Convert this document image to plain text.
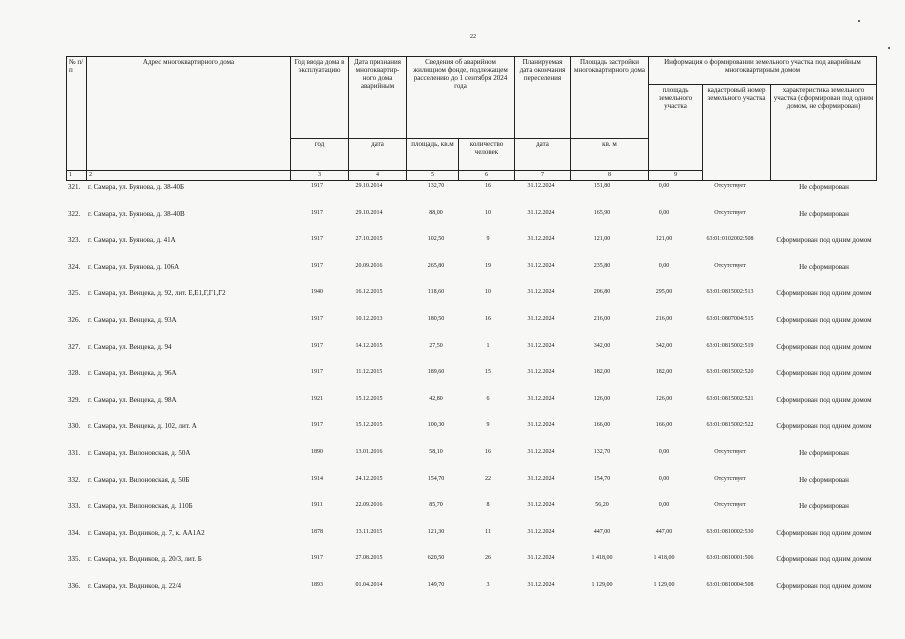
22
№ п/п	Адрес многоквартирного дома	Год ввода дома в эксплуатацию	Дата признания многоквартир-ного дома аварийным	Сведения об аварийном жилищном фонде, подлежащем расселению до 1 сентября 2024 года		Планируемая дата окончания переселения	Площадь застройки многоквартирного дома	Информация о формировании земельного участка под аварийным многоквартирным домом			
								площадь земельного участка	кадастровый номер земельного участка	характеристика земельного участка (сформирован под одним домом, не сформирован)	
		год	дата	площадь, кв.м	количество человек	дата	кв. м				
1	2	3	4	5	6	7	8	9		
321. г. Самара, ул. Буянова, д. 38-40Б	1917	29.10.2014	132,70	16	31.12.2024	151,80	0,00	Отсутствует	Не сформирован
322. г. Самара, ул. Буянова, д. 38-40В	1917	29.10.2014	88,00	10	31.12.2024	165,90	0,00	Отсутствует	Не сформирован
323. г. Самара, ул. Буянова, д. 41А	1917	27.10.2015	102,50	9	31.12.2024	121,00	121,00	63:01:0102002:508	Сформирован под одним домом
324. г. Самара, ул. Буянова, д. 106А	1917	20.09.2016	265,80	19	31.12.2024	235,80	0,00	Отсутствует	Не сформирован
325. г. Самара, ул. Венцека, д. 92, лит. Е,Е1,Г,Г1,Г2	1940	16.12.2015	118,60	10	31.12.2024	206,80	295,00	63:01:0815002:513	Сформирован под одним домом
326. г. Самара, ул. Венцека, д. 93А	1917	10.12.2013	180,50	16	31.12.2024	216,00	216,00	63:01:0807004:515	Сформирован под одним домом
327. г. Самара, ул. Венцека, д. 94	1917	14.12.2015	27,50	1	31.12.2024	342,00	342,00	63:01:0815002:519	Сформирован под одним домом
328. г. Самара, ул. Венцека, д. 96А	1917	11.12.2015	189,60	15	31.12.2024	182,00	182,00	63:01:0815002:520	Сформирован под одним домом
329. г. Самара, ул. Венцека, д. 98А	1921	15.12.2015	42,80	6	31.12.2024	126,00	126,00	63:01:0815002:521	Сформирован под одним домом
330. г. Самара, ул. Венцека, д. 102, лит. А	1917	15.12.2015	100,30	9	31.12.2024	166,00	166,00	63:01:0815002:522	Сформирован под одним домом
331. г. Самара, ул. Вилоновская, д. 50А	1890	13.01.2016	58,10	16	31.12.2024	132,70	0,00	Отсутствует	Не сформирован
332. г. Самара, ул. Вилоновская, д. 50Б	1914	24.12.2015	154,70	22	31.12.2024	154,70	0,00	Отсутствует	Не сформирован
333. г. Самара, ул. Вилоновская, д. 110Б	1911	22.09.2016	85,70	8	31.12.2024	56,20	0,00	Отсутствует	Не сформирован
334. г. Самара, ул. Водников, д. 7, к. АА1А2	1878	13.11.2015	121,30	11	31.12.2024	447,00	447,00	63:01:0810002:530	Сформирован под одним домом
335. г. Самара, ул. Водников, д. 20/3, лит. Б	1917	27.08.2015	620,50	26	31.12.2024	1 418,00	1 418,00	63:01:0810001:506	Сформирован под одним домом
336. г. Самара, ул. Водников, д. 22/4	1893	01.04.2014	149,70	3	31.12.2024	1 129,00	1 129,00	63:01:0810004:508	Сформирован под одним домом
